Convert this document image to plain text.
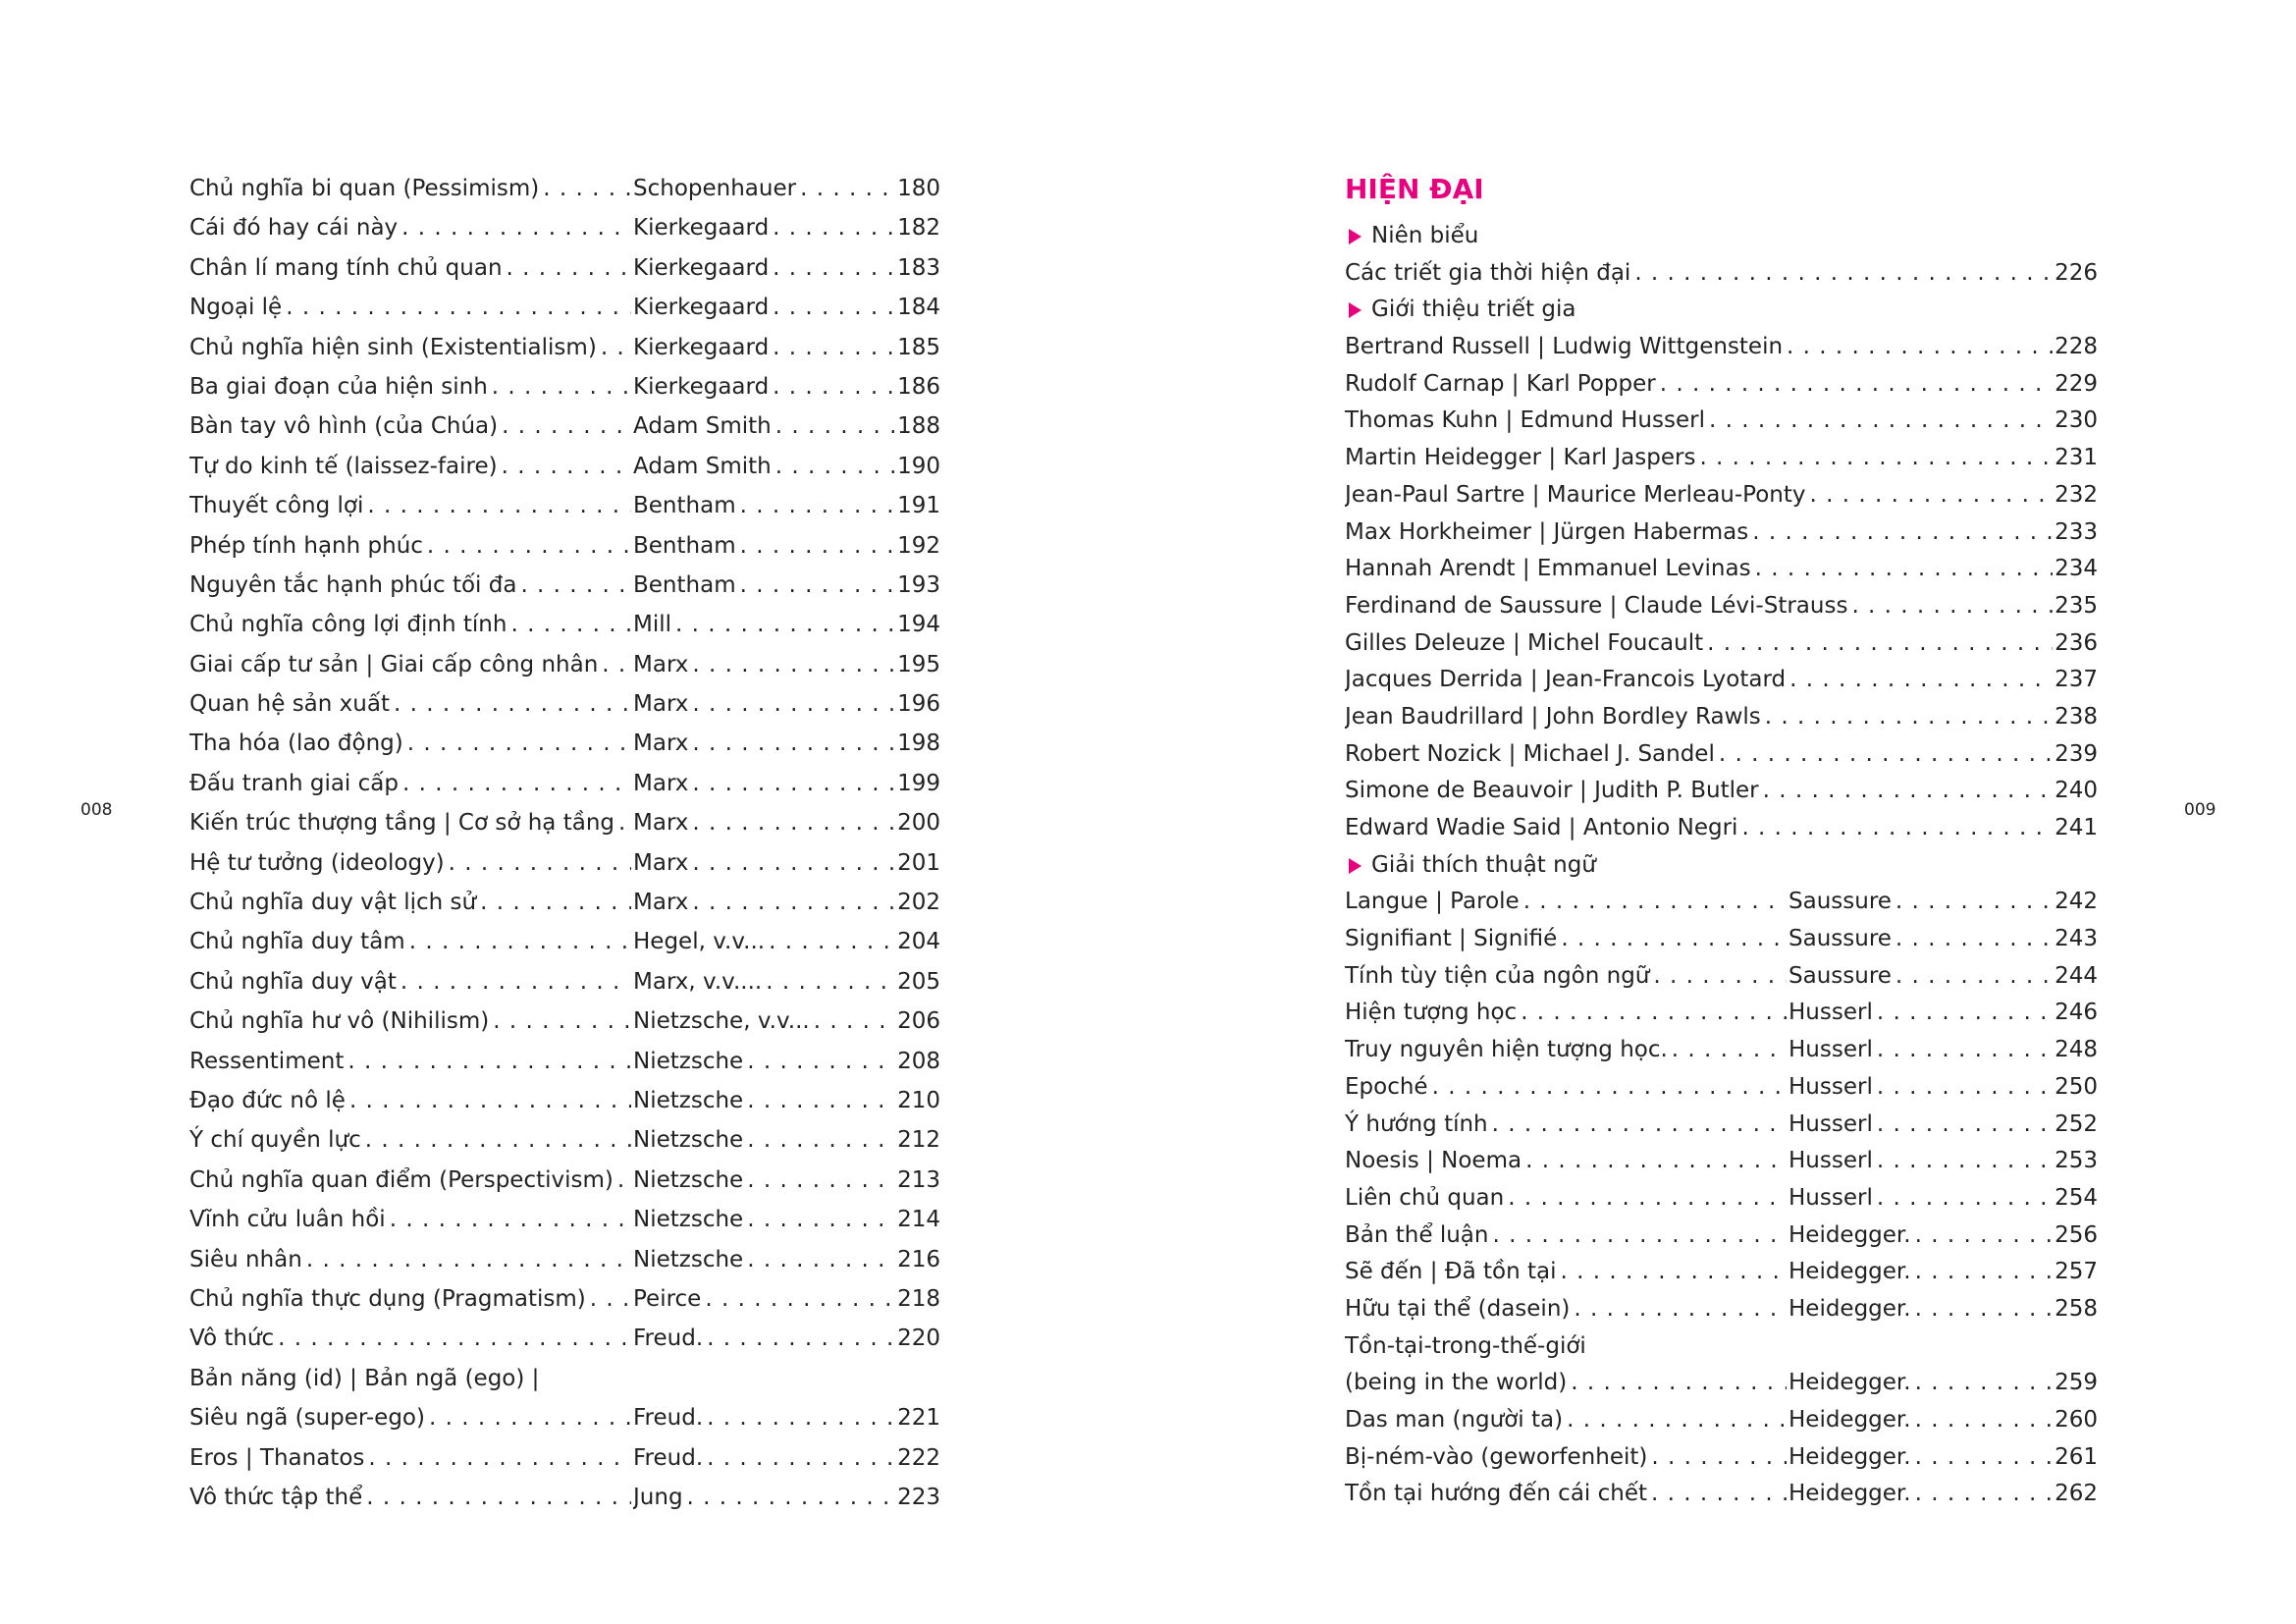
008	009
Chủ nghĩa bi quan (Pessimism) . . .	Schopenhauer . . .	180
Cái đó hay cái này . . .	Kierkegaard . . .	182
Chân lí mang tính chủ quan . . .	Kierkegaard . . .	183
Ngoại lệ . . .	Kierkegaard . . .	184
Chủ nghĩa hiện sinh (Existentialism) . . . Kierkegaard . . .	185
Ba giai đoạn của hiện sinh . . .	Kierkegaard . . .	186
Bàn tay vô hình (của Chúa) . . .	Adam Smith . . .	188
Tự do kinh tế (laissez-faire) . . .	Adam Smith . . .	190
Thuyết công lợi . . .	Bentham . . .	191
Phép tính hạnh phúc . . .	Bentham . . .	192
Nguyên tắc hạnh phúc tối đa . . .	Bentham . . .	193
Chủ nghĩa công lợi định tính . . .	Mill . . .	194
Giai cấp tư sản | Giai cấp công nhân . . . Marx . . .	195
Quan hệ sản xuất . . .	Marx . . .	196
Tha hóa (lao động) . . .	Marx . . .	198
Đấu tranh giai cấp . . .	Marx . . .	199
Kiến trúc thượng tầng | Cơ sở hạ tầng . . . Marx . . .	200
Hệ tư tưởng (ideology) . . .	Marx . . .	201
Chủ nghĩa duy vật lịch sử . . .	Marx . . .	202
Chủ nghĩa duy tâm . . .	Hegel, v.v... . . .	204
Chủ nghĩa duy vật . . .	Marx, v.v.... . . .	205
Chủ nghĩa hư vô (Nihilism) . . .	Nietzsche, v.v... . . .	206
Ressentiment . . .	Nietzsche . . .	208
Đạo đức nô lệ . . .	Nietzsche . . .	210
Ý chí quyền lực . . .	Nietzsche . . .	212
Chủ nghĩa quan điểm (Perspectivism) . . . Nietzsche . . .	213
Vĩnh cửu luân hồi . . .	Nietzsche . . .	214
Siêu nhân . . .	Nietzsche . . .	216
Chủ nghĩa thực dụng (Pragmatism) . . . Peirce . . .	218
Vô thức . . .	Freud. . . .	220
Bản năng (id) | Bản ngã (ego) |
Siêu ngã (super-ego) . . .	Freud. . . .	221
Eros | Thanatos . . .	Freud. . . .	222
Vô thức tập thể . . .	Jung . . .	223
HIỆN ĐẠI
Niên biểu
Các triết gia thời hiện đại . . .	226
Giới thiệu triết gia
Bertrand Russell | Ludwig Wittgenstein . . .	228
Rudolf Carnap | Karl Popper . . .	229
Thomas Kuhn | Edmund Husserl . . .	230
Martin Heidegger | Karl Jaspers . . .	231
Jean-Paul Sartre | Maurice Merleau-Ponty . . .	232
Max Horkheimer | Jürgen Habermas . . .	233
Hannah Arendt | Emmanuel Levinas . . .	234
Ferdinand de Saussure | Claude Lévi-Strauss . . .	235
Gilles Deleuze | Michel Foucault . . .	236
Jacques Derrida | Jean-Francois Lyotard . . .	237
Jean Baudrillard | John Bordley Rawls . . .	238
Robert Nozick | Michael J. Sandel . . .	239
Simone de Beauvoir | Judith P. Butler . . .	240
Edward Wadie Said | Antonio Negri . . .	241
Giải thích thuật ngữ
Langue | Parole . . .	Saussure . . .	242
Signifiant | Signifié . . .	Saussure . . .	243
Tính tùy tiện của ngôn ngữ . . .	Saussure . . .	244
Hiện tượng học . . .	Husserl . . .	246
Truy nguyên hiện tượng học. . . .	Husserl . . .	248
Epoché . . .	Husserl . . .	250
Ý hướng tính . . .	Husserl . . .	252
Noesis | Noema . . .	Husserl . . .	253
Liên chủ quan . . .	Husserl . . .	254
Bản thể luận . . .	Heidegger. . . .	256
Sẽ đến | Đã tồn tại . . .	Heidegger. . . .	257
Hữu tại thể (dasein) . . .	Heidegger. . . .	258
Tồn-tại-trong-thế-giới
(being in the world) . . .	Heidegger. . . .	259
Das man (người ta) . . .	Heidegger. . . .	260
Bị-ném-vào (geworfenheit) . . .	Heidegger. . . .	261
Tồn tại hướng đến cái chết . . .	Heidegger. . . .	262
